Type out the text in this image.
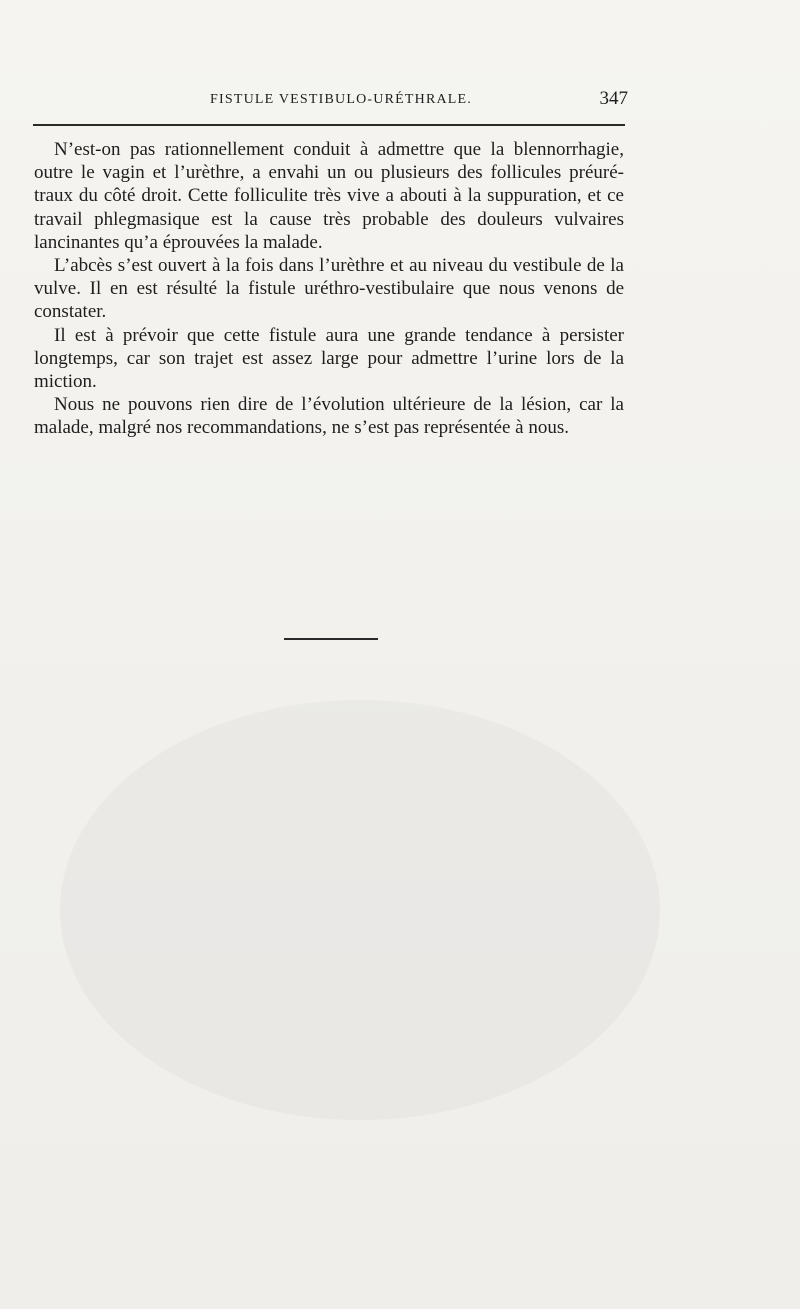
FISTULE VESTIBULO-URÉTHRALE.	347

N’est-on pas rationnellement conduit à admettre que la blennorrhagie, outre le vagin et l’urèthre, a envahi un ou plusieurs des follicules préuré-traux du côté droit. Cette folliculite très vive a abouti à la suppuration, et ce travail phlegmasique est la cause très probable des douleurs vulvaires lancinantes qu’a éprouvées la malade.

L’abcès s’est ouvert à la fois dans l’urèthre et au niveau du vestibule de la vulve. Il en est résulté la fistule uréthro-vestibulaire que nous venons de constater.

Il est à prévoir que cette fistule aura une grande tendance à persister longtemps, car son trajet est assez large pour admettre l’urine lors de la miction.

Nous ne pouvons rien dire de l’évolution ultérieure de la lésion, car la malade, malgré nos recommandations, ne s’est pas représentée à nous.
